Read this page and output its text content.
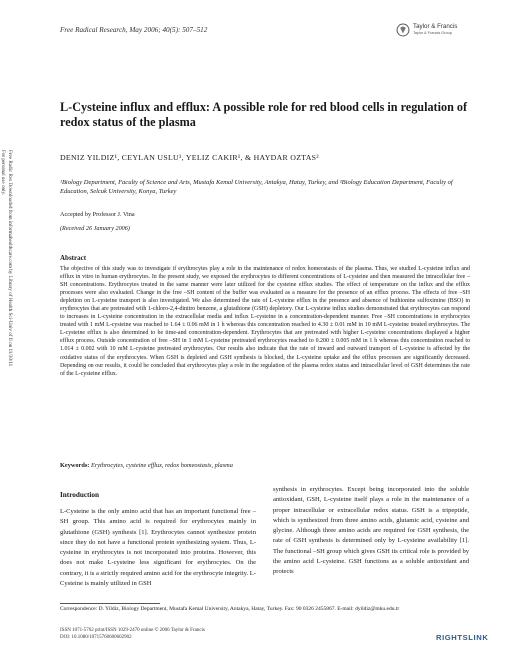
Free Radic Res Downloaded from informahealthcare.com by Library of Health Sci-Univ of Il on 11/30/11
For personal use only.
Free Radical Research, May 2006; 40(5): 507–512	Taylor & Francis
Taylor & Francis Group
L-Cysteine influx and efflux: A possible role for red blood cells in regulation of redox status of the plasma
DENIZ YILDIZ¹, CEYLAN USLU¹, YELIZ CAKIR¹, & HAYDAR OZTAS²
¹Biology Department, Faculty of Science and Arts, Mustafa Kemal University, Antakya, Hatay, Turkey, and ²Biology Education Department, Faculty of Education, Selcuk University, Konya, Turkey
Accepted by Professor J. Vina
(Received 26 January 2006)
Abstract

The objective of this study was to investigate if erythrocytes play a role in the maintenance of redox homeostasis of the plasma. Thus, we studied L-cysteine influx and efflux in vitro in human erythrocytes. In the present study, we exposed the erythrocytes to different concentrations of L-cysteine and then measured the intracellular free –SH concentrations. Erythrocytes treated in the same manner were later utilized for the cysteine efflux studies. The effect of temperature on the influx and the efflux processes were also evaluated. Change in the free –SH content of the buffer was evaluated as a measure for the presence of an efflux process. The effects of free –SH depletion on L-cysteine transport is also investigated. We also determined the rate of L-cysteine efflux in the presence and absence of buthionine sulfoximine (BSO) in erythrocytes that are pretreated with 1-chloro-2,4-dinitro benzene, a glutathione (GSH) depletory. Our L-cysteine influx studies demonstrated that erythrocytes can respond to increases in L-cysteine concentration in the extracellular media and influx L-cysteine in a concentration-dependent manner. Free –SH concentrations in erythrocytes treated with 1 mM L-cysteine was reached to 1.64 ± 0.06 mM in 1 h whereas this concentration reached to 4.30 ± 0.01 mM in 10 mM L-cysteine treated erythrocytes. The L-cysteine efflux is also determined to be time-and concentration-dependent. Erythrocytes that are pretreated with higher L-cysteine concentrations displayed a higher efflux process. Outside concentration of free –SH in 1 mM L-cysteine pretreated erythrocytes reached to 0.200 ± 0.005 mM in 1 h whereas this concentration reached to 1.014 ± 0.002 with 10 mM L-cysteine pretreated erythrocytes. Our results also indicate that the rate of inward and outward transport of L-cysteine is affected by the oxidative status of the erythrocytes. When GSH is depleted and GSH synthesis is blocked, the L-cysteine uptake and the efflux processes are significantly decreased. Depending on our results, it could be concluded that erythrocytes play a role in the regulation of the plasma redox status and intracellular level of GSH determines the rate of the L-cysteine efflux.

Keywords: Erythrocytes, cysteine efflux, redox homeostasis, plasma
Introduction

L-Cysteine is the only amino acid that has an important functional free –SH group. This amino acid is required for erythrocytes mainly in glutathione (GSH) synthesis [1]. Erythrocytes cannot synthesize protein since they do not have a functional protein synthesizing system. Thus, L-cysteine in erythrocytes is not incorporated into proteins. However, this does not make L-cysteine less significant for erythrocytes. On the contrary, it is a strictly required amino acid for the erythrocyte integrity. L-Cysteine is mainly utilized in GSH

synthesis in erythrocytes. Except being incorporated into the soluble antioxidant, GSH, L-cysteine itself plays a role in the maintenance of a proper intracellular or extracellular redox status. GSH is a tripeptide, which is synthesized from three amino acids, glutamic acid, cysteine and glycine. Although three amino acids are required for GSH synthesis, the rate of GSH synthesis is determined only by L-cysteine availability [1]. The functional –SH group which gives GSH its critical role is provided by the amino acid L-cysteine. GSH functions as a soluble antioxidant and protects

Correspondence: D. Yildiz, Biology Department, Mustafa Kemal University, Antakya, Hatay, Turkey. Fax: 90 0326 2455867. E-mail: dyildiz@mku.edu.tr
ISSN 1071-5762 print/ISSN 1029-2470 online © 2006 Taylor & Francis
DOI: 10.1080/10715760600602902	RIGHTSLINK
